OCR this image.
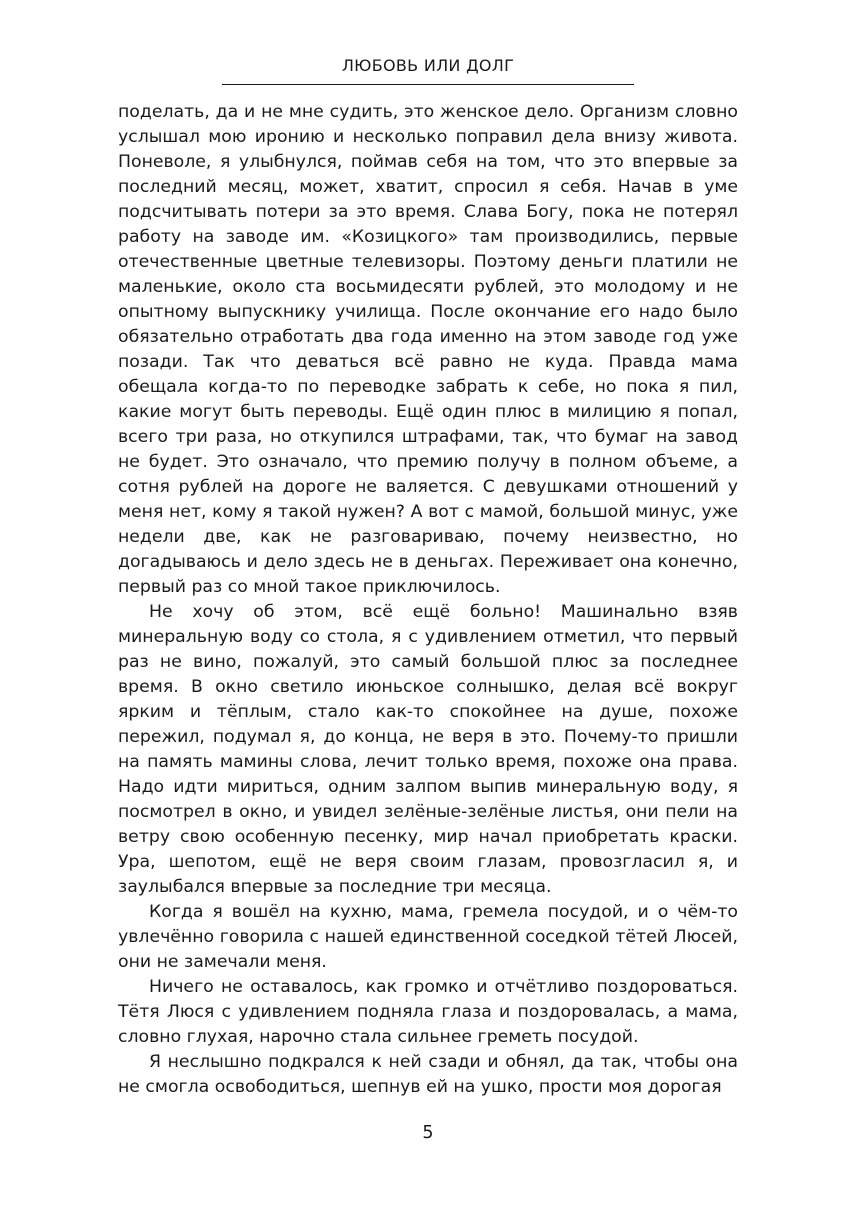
ЛЮБОВЬ ИЛИ ДОЛГ

поделать, да и не мне судить, это женское дело. Организм словно услышал мою иронию и несколько поправил дела внизу живота. Поневоле, я улыбнулся, поймав себя на том, что это впервые за последний месяц, может, хватит, спросил я себя. Начав в уме подсчитывать потери за это время. Слава Богу, пока не потерял работу на заводе им. «Козицкого» там производились, первые отечественные цветные телевизоры. Поэтому деньги платили не маленькие, около ста восьмидесяти рублей, это молодому и не опытному выпускнику училища. После окончание его надо было обязательно отработать два года именно на этом заводе год уже позади. Так что деваться всё равно не куда. Правда мама обещала когда-то по переводке забрать к себе, но пока я пил, какие могут быть переводы. Ещё один плюс в милицию я попал, всего три раза, но откупился штрафами, так, что бумаг на завод не будет. Это означало, что премию получу в полном объеме, а сотня рублей на дороге не валяется. С девушками отношений у меня нет, кому я такой нужен? А вот с мамой, большой минус, уже недели две, как не разговариваю, почему неизвестно, но догадываюсь и дело здесь не в деньгах. Переживает она конечно, первый раз со мной такое приключилось.

Не хочу об этом, всё ещё больно! Машинально взяв минеральную воду со стола, я с удивлением отметил, что первый раз не вино, пожалуй, это самый большой плюс за последнее время. В окно светило июньское солнышко, делая всё вокруг ярким и тёплым, стало как-то спокойнее на душе, похоже пережил, подумал я, до конца, не веря в это. Почему-то пришли на память мамины слова, лечит только время, похоже она права. Надо идти мириться, одним залпом выпив минеральную воду, я посмотрел в окно, и увидел зелёные-зелёные листья, они пели на ветру свою особенную песенку, мир начал приобретать краски. Ура, шепотом, ещё не веря своим глазам, провозгласил я, и заулыбался впервые за последние три месяца.

Когда я вошёл на кухню, мама, гремела посудой, и о чём-то увлечённо говорила с нашей единственной соседкой тётей Люсей, они не замечали меня.

Ничего не оставалось, как громко и отчётливо поздороваться. Тётя Люся с удивлением подняла глаза и поздоровалась, а мама, словно глухая, нарочно стала сильнее греметь посудой.

Я неслышно подкрался к ней сзади и обнял, да так, чтобы она не смогла освободиться, шепнув ей на ушко, прости моя дорогая

5
